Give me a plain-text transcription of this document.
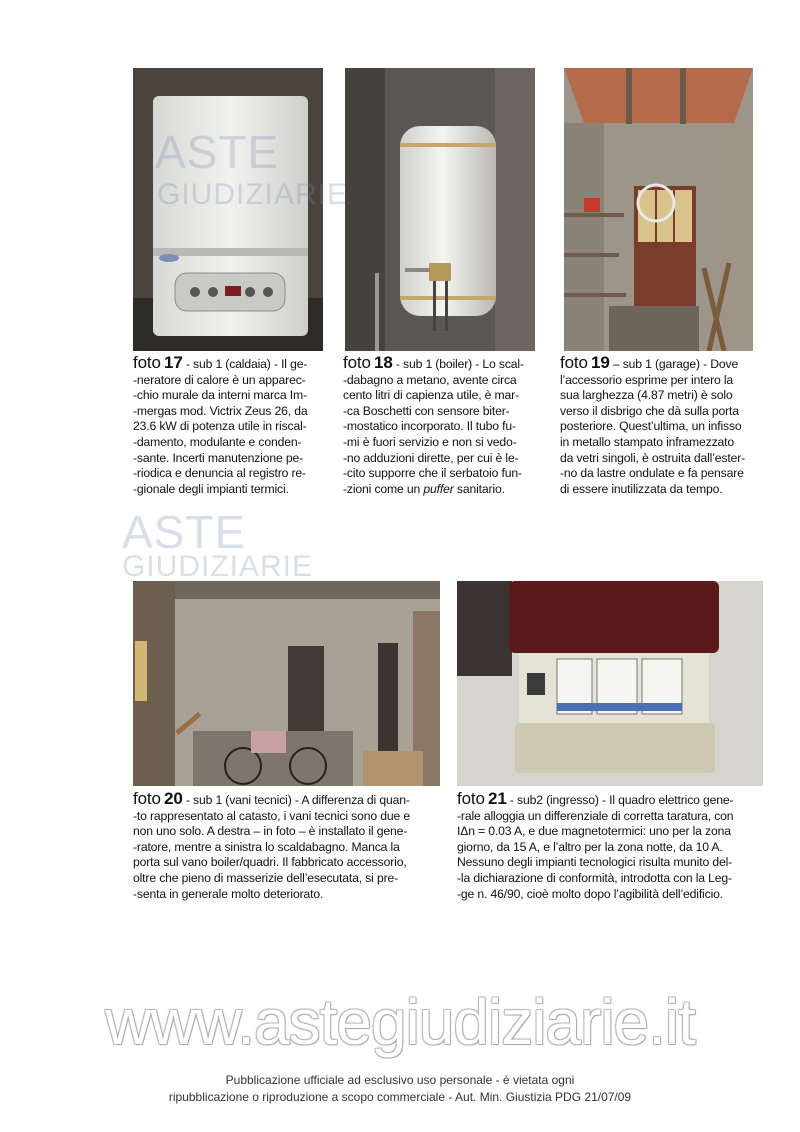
foto 17 - sub 1 (caldaia) - Il ge-
-neratore di calore è un apparec-
-chio murale da interni marca Im-
-mergas mod. Victrix Zeus 26, da
23.6 kW di potenza utile in riscal-
-damento, modulante e conden-
-sante. Incerti manutenzione pe-
-riodica e denuncia al registro re-
-gionale degli impianti termici.
foto 18 - sub 1 (boiler) - Lo scal-
-dabagno a metano, avente circa
cento litri di capienza utile, è mar-
-ca Boschetti con sensore biter-
-mostatico incorporato. Il tubo fu-
-mi è fuori servizio e non si vedo-
-no adduzioni dirette, per cui è le-
-cito supporre che il serbatoio fun-
-zioni come un puffer sanitario.
foto 19 – sub 1 (garage) - Dove
l’accessorio esprime per intero la
sua larghezza (4.87 metri) è solo
verso il disbrigo che dà sulla porta
posteriore. Quest’ultima, un infisso
in metallo stampato inframezzato
da vetri singoli, è ostruita dall’ester-
-no da lastre ondulate e fa pensare
di essere inutilizzata da tempo.
foto 20 - sub 1 (vani tecnici) - A differenza di quan-
-to rappresentato al catasto, i vani tecnici sono due e
non uno solo. A destra – in foto – è installato il gene-
-ratore, mentre a sinistra lo scaldabagno. Manca la
porta sul vano boiler/quadri. Il fabbricato accessorio,
oltre che pieno di masserizie dell’esecutata, si pre-
-senta in generale molto deteriorato.
foto 21 - sub2 (ingresso) - Il quadro elettrico gene-
-rale alloggia un differenziale di corretta taratura, con
IΔn = 0.03 A, e due magnetotermici: uno per la zona
giorno, da 15 A, e l’altro per la zona notte, da 10 A.
Nessuno degli impianti tecnologici risulta munito del-
-la dichiarazione di conformità, introdotta con la Leg-
-ge n. 46/90, cioè molto dopo l’agibilità dell’edificio.
ASTE
GIUDIZIARIE
ASTE
GIUDIZIARIE
www.astegiudiziarie.it
Pubblicazione ufficiale ad esclusivo uso personale - è vietata ogni
ripubblicazione o riproduzione a scopo commerciale - Aut. Min. Giustizia PDG 21/07/09
